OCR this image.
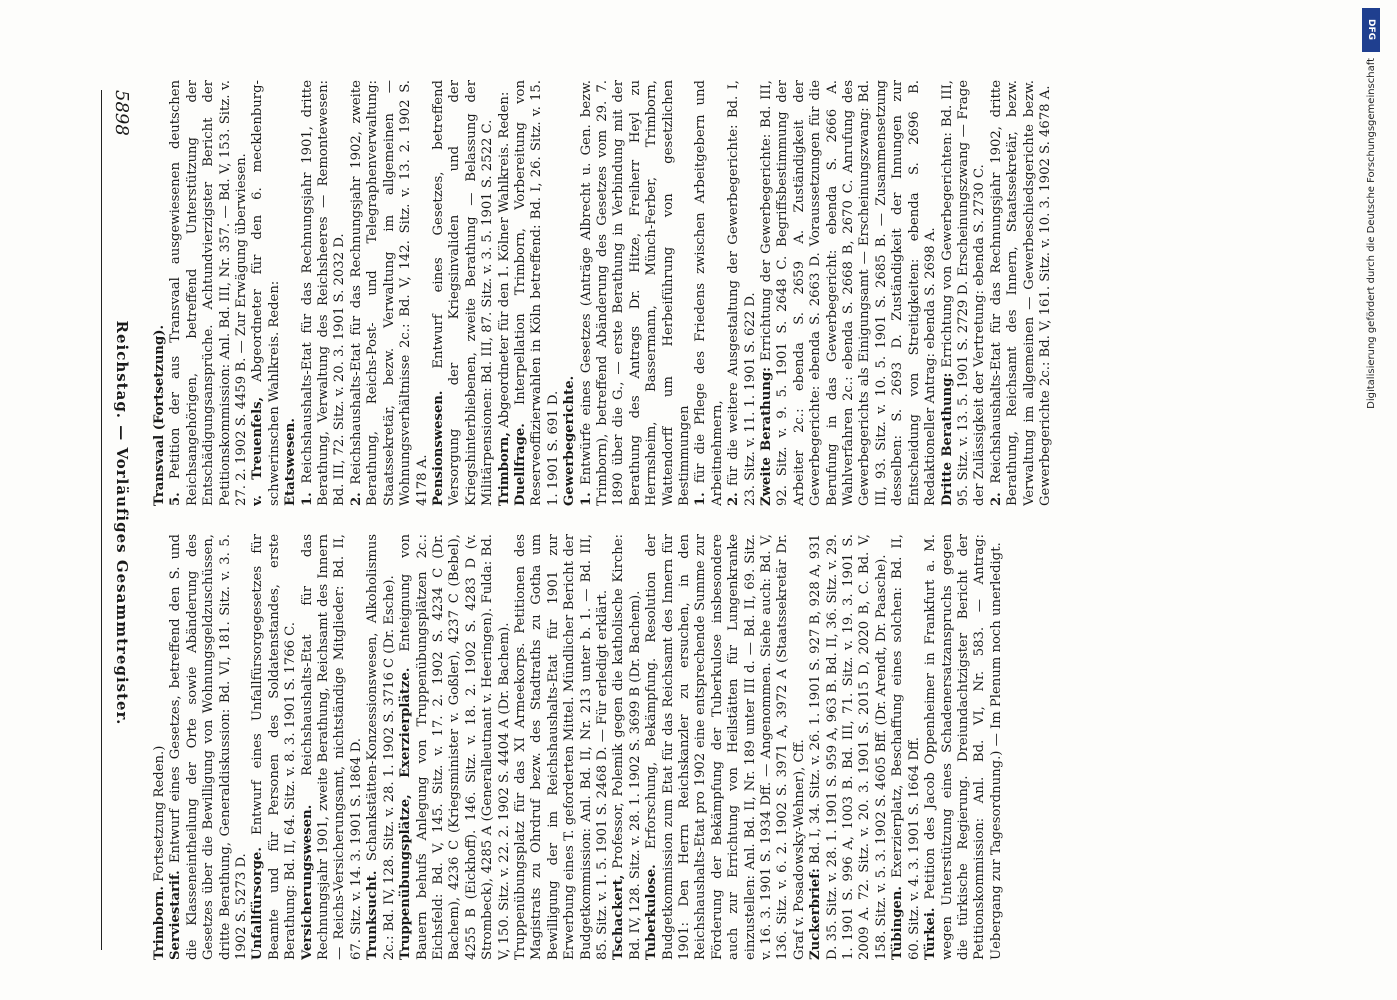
5898
Reichstag. — Vorläufiges Gesammtregister. Transvaal (Fortsetzung). 5. Petition der aus Transvaal ausgewiesenen deutschen Reichsangehörigen, betreffend Unterstützung der Entschädigungsansprüche. Achtundvierzigster Bericht der Petitionskommission: Anl. Bd. III, Nr. 357. — Bd. V, 153. Sitz. v. 27. 2. 1902 S. 4459 B. — Zur Erwägung überwiesen. v. Treuenfels, Abgeordneter für den 6. mecklenburg-schwerinschen Wahlkreis. Reden: Etatswesen. 1. Reichshaushalts-Etat für das Rechnungsjahr 1901, dritte Berathung, Verwaltung des Reichsheeres — Remontewesen: Bd. III, 72. Sitz. v. 20. 3. 1901 S. 2032 D. 2. Reichshaushalts-Etat für das Rechnungsjahr 1902, zweite Berathung, Reichs-Post- und Telegraphenverwaltung: Staatssekretär, bezw. Verwaltung im allgemeinen — Wohnungsverhältnisse 2c.: Bd. V, 142. Sitz. v. 13. 2. 1902 S. 4178 A. Pensionswesen. Entwurf eines Gesetzes, betreffend Versorgung der Kriegsinvaliden und der Kriegshinterbliebenen, zweite Berathung — Belassung der Militärpensionen: Bd. III, 87. Sitz. v. 3. 5. 1901 S. 2522 C. Trimborn, Abgeordneter für den 1. Kölner Wahlkreis. Reden:

Duellfrage. Interpellation Trimborn, Vorbereitung von Reserveoffizierwahlen in Köln betreffend: Bd. I, 26. Sitz. v. 15. 1. 1901 S. 691 D. Gewerbegerichte. 1. Entwürfe eines Gesetzes (Anträge Albrecht u. Gen. bezw. Trimborn), betreffend Abänderung des Gesetzes vom 29. 7. 1890 über die G., — erste Berathung in Verbindung mit der Berathung des Antrags Dr. Hitze, Freiherr Heyl zu Herrnsheim, Bassermann, Münch-Ferber, Trimborn, Wattendorff um Herbeiführung von gesetzlichen Bestimmungen 1. für die Pflege des Friedens zwischen Arbeitgebern und Arbeitnehmern, 2. für die weitere Ausgestaltung der Gewerbegerichte: Bd. I, 23. Sitz. v. 11. 1. 1901 S. 622 D. Zweite Berathung: Errichtung der Gewerbegerichte: Bd. III, 92. Sitz. v. 9. 5. 1901 S. 2648 C. Begriffsbestimmung der Arbeiter 2c.: ebenda S. 2659 A. Zuständigkeit der Gewerbegerichte: ebenda S. 2663 D. Voraussetzungen für die Berufung in das Gewerbegericht: ebenda S. 2666 A. Wahlverfahren 2c.: ebenda S. 2668 B, 2670 C. Anrufung des Gewerbegerichts als Einigungsamt — Erscheinungszwang: Bd. III, 93. Sitz. v. 10. 5. 1901 S. 2685 B. — Zusammensetzung desselben: S. 2693 D. Zuständigkeit der Innungen zur Entscheidung von Streitigkeiten: ebenda S. 2696 B. Redaktioneller Antrag: ebenda S. 2698 A. Dritte Berathung: Errichtung von Gewerbegerichten: Bd. III, 95. Sitz. v. 13. 5. 1901 S. 2729 D. Erscheinungszwang — Frage der Zulässigkeit der Vertretung: ebenda S. 2730 C. 2. Reichshaushalts-Etat für das Rechnungsjahr 1902, dritte Berathung, Reichsamt des Innern, Staatssekretär, bezw. Verwaltung im allgemeinen — Gewerbeschiedsgerichte bezw. Gewerbegerichte 2c.: Bd. V, 161. Sitz. v. 10. 3. 1902 S. 4678 A.

Trimborn. Fortsetzung Reden.)

Serviestarif. Entwurf eines Gesetzes, betreffend den S. und die Klasseneintheilung der Orte sowie Abänderung des Gesetzes über die Bewilligung von Wohnungsgeldzuschüssen, dritte Berathung, Generaldiskussion: Bd. VI, 181. Sitz. v. 3. 5. 1902 S. 5273 D. Unfallfürsorge. Entwurf eines Unfallfürsorgegesetzes für Beamte und für Personen des Soldatenstandes, erste Berathung: Bd. II, 64. Sitz. v. 8. 3. 1901 S. 1766 C. Versicherungswesen. Reichshaushalts-Etat für das Rechnungsjahr 1901, zweite Berathung, Reichsamt des Innern — Reichs-Versicherungsamt, nichtständige Mitglieder: Bd. II, 67. Sitz. v. 14. 3. 1901 S. 1864 D. Trunksucht. Schankstätten-Konzessionswesen, Alkoholismus 2c.: Bd. IV, 128. Sitz. v. 28. 1. 1902 S. 3716 C (Dr. Esche). Truppenübungsplätze, Exerzierplätze. Enteignung von Bauern behufs Anlegung von Truppenübungsplätzen 2c.: Eichsfeld: Bd. V, 145. Sitz. v. 17. 2. 1902 S. 4234 C (Dr. Bachem), 4236 C (Kriegsminister v. Goßler), 4237 C (Bebel), 4255 B (Eickhoff). 146. Sitz. v. 18. 2. 1902 S. 4283 D (v. Strombeck), 4285 A (Generalleutnant v. Heeringen). Fulda: Bd. V, 150. Sitz. v. 22. 2. 1902 S. 4404 A (Dr. Bachem). Truppenübungsplatz für das XI Armeekorps. Petitionen des Magistrats zu Ohrdruf bezw. des Stadtraths zu Gotha um Bewilligung der im Reichshaushalts-Etat für 1901 zur Erwerbung eines T. geforderten Mittel. Mündlicher Bericht der Budgetkommission: Anl. Bd. II, Nr. 213 unter b. 1. — Bd. III, 85. Sitz. v. 1. 5. 1901 S. 2468 D. — Für erledigt erklärt. Tschackert, Professor, Polemik gegen die katholische Kirche: Bd. IV, 128. Sitz. v. 28. 1. 1902 S. 3699 B (Dr. Bachem). Tuberkulose. Erforschung, Bekämpfung. Resolution der Budgetkommission zum Etat für das Reichsamt des Innern für 1901: Den Herrn Reichskanzler zu ersuchen, in den Reichshaushalts-Etat pro 1902 eine entsprechende Summe zur Förderung der Bekämpfung der Tuberkulose insbesondere auch zur Errichtung von Heilstätten für Lungenkranke einzustellen: Anl. Bd. II, Nr. 189 unter III d. — Bd. II, 69. Sitz. v. 16. 3. 1901 S. 1934 Dff. — Angenommen. Siehe auch: Bd. V, 136. Sitz. v. 6. 2. 1902 S. 3971 A, 3972 A (Staatssekretär Dr. Graf v. Posadowsky-Wehner), Cff. Zuckerbrief: Bd. I, 34. Sitz. v. 26. 1. 1901 S. 927 B, 928 A, 931 D. 35. Sitz. v. 28. 1. 1901 S. 959 A, 963 B. Bd. II, 36. Sitz. v. 29. 1. 1901 S. 996 A, 1003 B. Bd. III, 71. Sitz. v. 19. 3. 1901 S. 2009 A. 72. Sitz. v. 20. 3. 1901 S. 2015 D, 2020 B, C. Bd. V, 158. Sitz. v. 5. 3. 1902 S. 4605 Bff. (Dr. Arendt, Dr. Paasche). Tübingen. Exerzierplatz, Beschaffung eines solchen: Bd. II, 60. Sitz. v. 4. 3. 1901 S. 1664 Dff. Türkei. Petition des Jacob Oppenheimer in Frankfurt a. M. wegen Unterstützung eines Schadenersatzanspruchs gegen die türkische Regierung. Dreiundachtzigster Bericht der Petitionskommission: Anl. Bd. VI, Nr. 583. — Antrag: Uebergang zur Tagesordnung.) — Im Plenum noch unerledigt.

DFG
Digitalisierung gefördert durch die Deutsche Forschungsgemeinschaft
